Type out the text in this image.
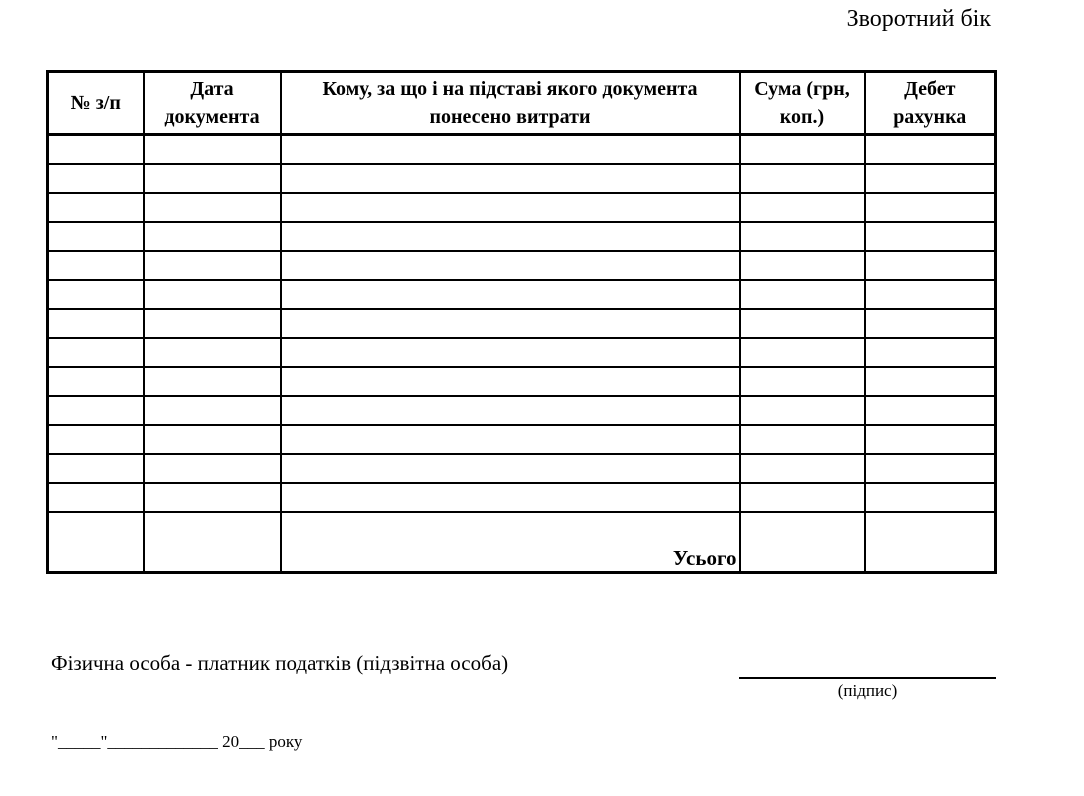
Зворотний бік
№ з/п	Дата документа	Кому, за що і на підставі якого документа понесено витрати	Сума (грн, коп.)	Дебет рахунка

		Усього		

Фізична особа - платник податків (підзвітна особа)
(підпис)
"_____"_____________ 20___ року
